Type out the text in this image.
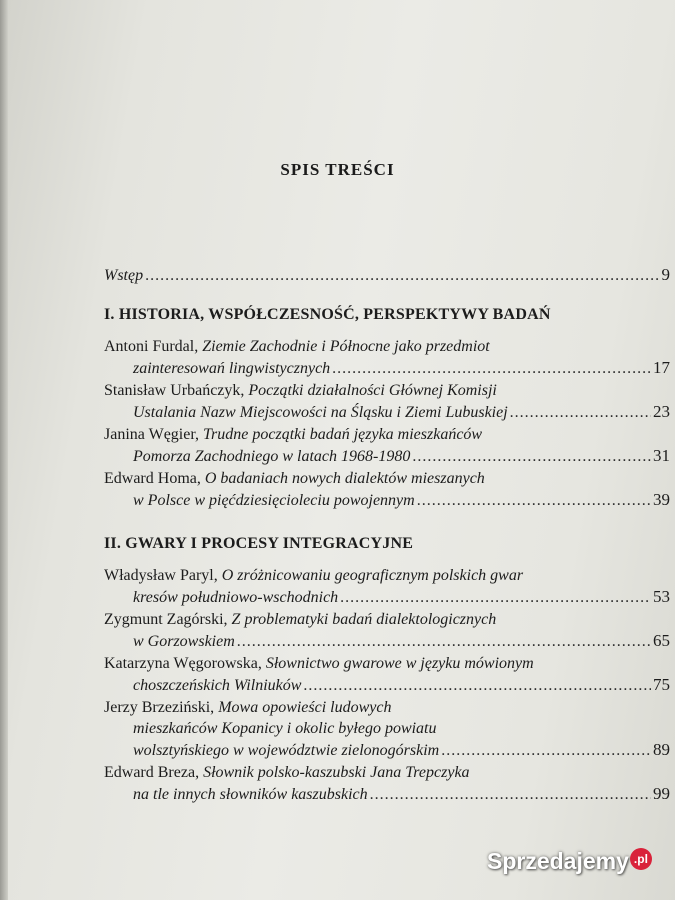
SPIS TREŚCI
Wstęp .....	9
I. HISTORIA, WSPÓŁCZESNOŚĆ, PERSPEKTYWY BADAŃ
Antoni Furdal, Ziemie Zachodnie i Północne jako przedmiot
zainteresowań lingwistycznych .....	17
Stanisław Urbańczyk, Początki działalności Głównej Komisji
Ustalania Nazw Miejscowości na Śląsku i Ziemi Lubuskiej .....	23
Janina Węgier, Trudne początki badań języka mieszkańców
Pomorza Zachodniego w latach 1968-1980 .....	31
Edward Homa, O badaniach nowych dialektów mieszanych
w Polsce w pięćdziesięcioleciu powojennym .....	39
II. GWARY I PROCESY INTEGRACYJNE
Władysław Paryl, O zróżnicowaniu geograficznym polskich gwar
kresów południowo-wschodnich .....	53
Zygmunt Zagórski, Z problematyki badań dialektologicznych
w Gorzowskiem .....	65
Katarzyna Węgorowska, Słownictwo gwarowe w języku mówionym
choszczeńskich Wilniuków .....	75
Jerzy Brzeziński, Mowa opowieści ludowych
mieszkańców Kopanicy i okolic byłego powiatu
wolsztyńskiego w województwie zielonogórskim .....	89
Edward Breza, Słownik polsko-kaszubski Jana Trepczyka
na tle innych słowników kaszubskich .....	99
Sprzedajemy .pl
